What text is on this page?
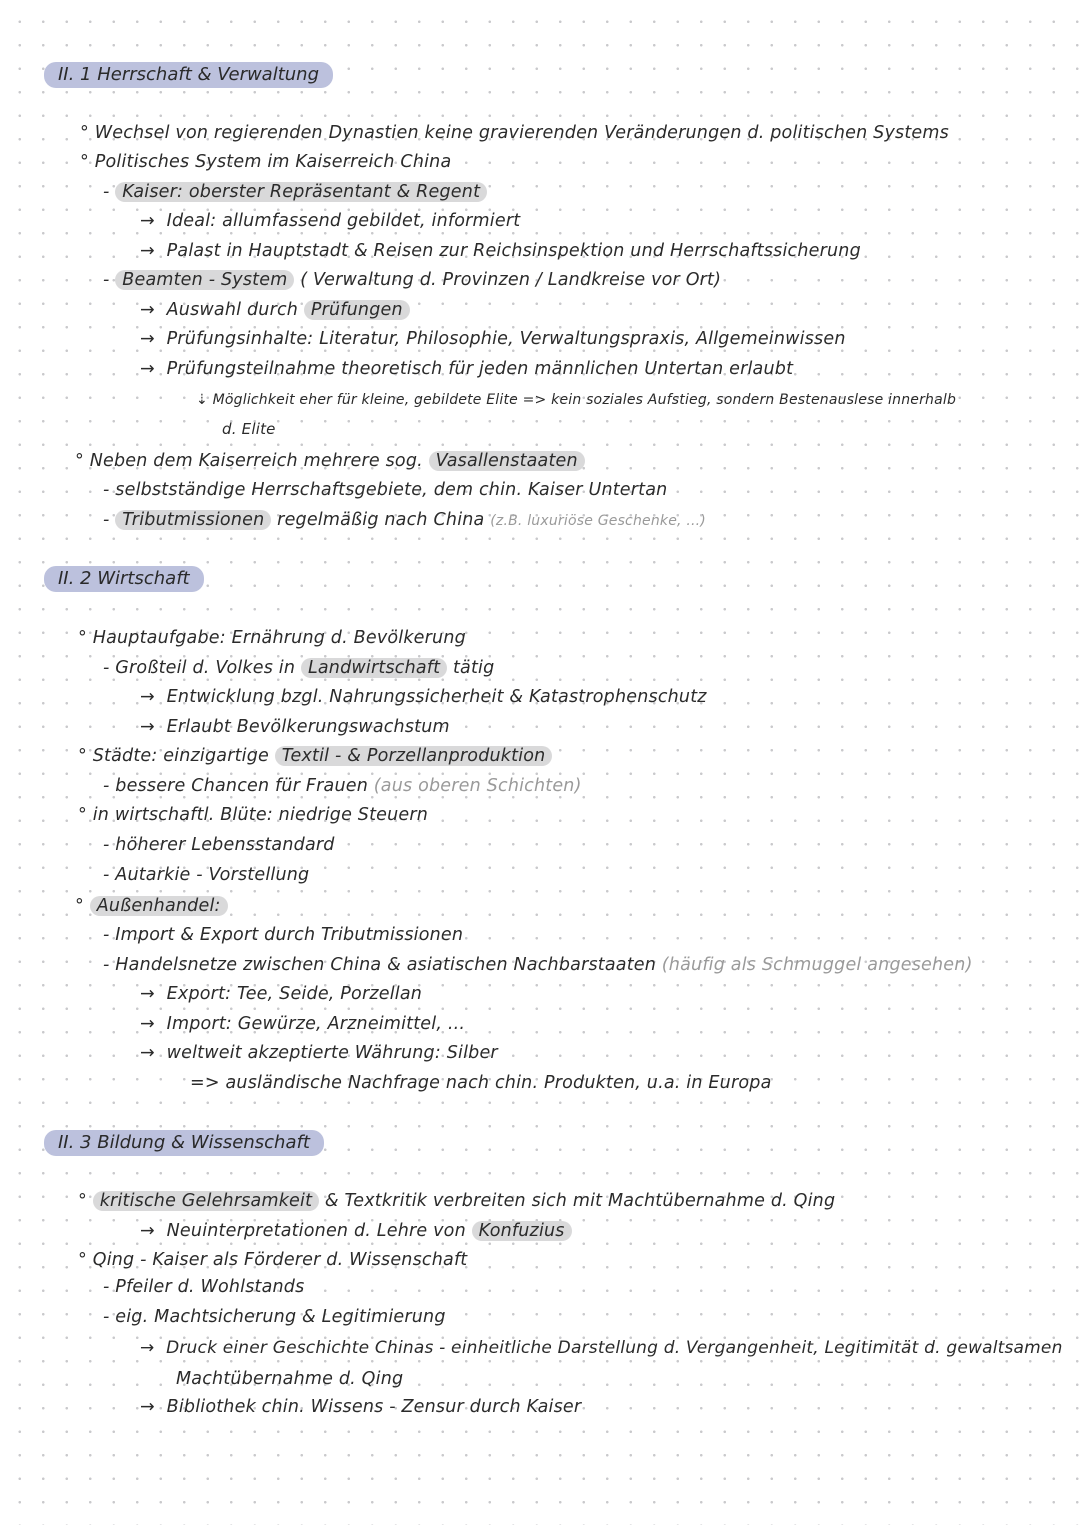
II. 1 Herrschaft & Verwaltung
° Wechsel von regierenden Dynastien keine gravierenden Veränderungen d. politischen Systems
° Politisches System im Kaiserreich China
- Kaiser: oberster Repräsentant & Regent
→ Ideal: allumfassend gebildet, informiert
→ Palast in Hauptstadt & Reisen zur Reichsinspektion und Herrschaftssicherung
- Beamten - System ( Verwaltung d. Provinzen / Landkreise vor Ort)
→ Auswahl durch Prüfungen
→ Prüfungsinhalte: Literatur, Philosophie, Verwaltungspraxis, Allgemeinwissen
→ Prüfungsteilnahme theoretisch für jeden männlichen Untertan erlaubt
⇣ Möglichkeit eher für kleine, gebildete Elite => kein soziales Aufstieg, sondern Bestenauslese innerhalb
d. Elite
° Neben dem Kaiserreich mehrere sog. Vasallenstaaten
- selbstständige Herrschaftsgebiete, dem chin. Kaiser Untertan
- Tributmissionen regelmäßig nach China (z.B. luxuriöse Geschenke, ...)
II. 2 Wirtschaft
° Hauptaufgabe: Ernährung d. Bevölkerung
- Großteil d. Volkes in Landwirtschaft tätig
→ Entwicklung bzgl. Nahrungssicherheit & Katastrophenschutz
→ Erlaubt Bevölkerungswachstum
° Städte: einzigartige Textil - & Porzellanproduktion
- bessere Chancen für Frauen (aus oberen Schichten)
° in wirtschaftl. Blüte: niedrige Steuern
- höherer Lebensstandard
- Autarkie - Vorstellung
° Außenhandel:
- Import & Export durch Tributmissionen
- Handelsnetze zwischen China & asiatischen Nachbarstaaten (häufig als Schmuggel angesehen)
→ Export: Tee, Seide, Porzellan
→ Import: Gewürze, Arzneimittel, ...
→ weltweit akzeptierte Währung: Silber
=> ausländische Nachfrage nach chin. Produkten, u.a. in Europa
II. 3 Bildung & Wissenschaft
° kritische Gelehrsamkeit & Textkritik verbreiten sich mit Machtübernahme d. Qing
→ Neuinterpretationen d. Lehre von Konfuzius
° Qing - Kaiser als Förderer d. Wissenschaft
- Pfeiler d. Wohlstands
- eig. Machtsicherung & Legitimierung
→ Druck einer Geschichte Chinas - einheitliche Darstellung d. Vergangenheit, Legitimität d. gewaltsamen
Machtübernahme d. Qing
→ Bibliothek chin. Wissens - Zensur durch Kaiser
